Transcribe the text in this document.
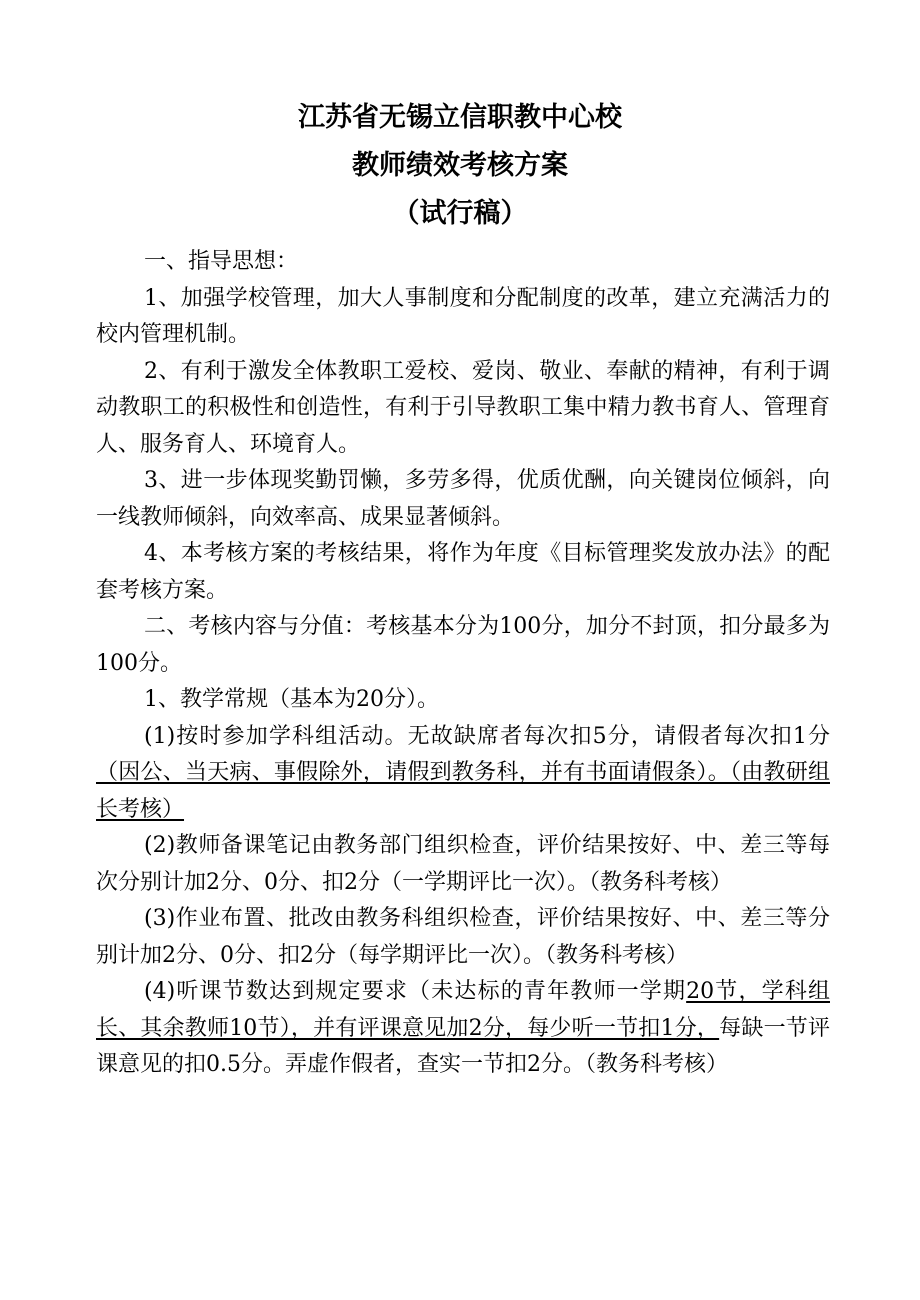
江苏省无锡立信职教中心校
教师绩效考核方案
（试行稿）

一、指导思想：

1、加强学校管理，加大人事制度和分配制度的改革，建立充满活力的校内管理机制。

2、有利于激发全体教职工爱校、爱岗、敬业、奉献的精神，有利于调动教职工的积极性和创造性，有利于引导教职工集中精力教书育人、管理育人、服务育人、环境育人。

3、进一步体现奖勤罚懒，多劳多得，优质优酬，向关键岗位倾斜，向一线教师倾斜，向效率高、成果显著倾斜。

4、本考核方案的考核结果，将作为年度《目标管理奖发放办法》的配套考核方案。

二、考核内容与分值：考核基本分为100分，加分不封顶，扣分最多为100分。

1、教学常规（基本为20分）。

(1)按时参加学科组活动。无故缺席者每次扣5分，请假者每次扣1分（因公、当天病、事假除外，请假到教务科，并有书面请假条）。（由教研组长考核）

(2)教师备课笔记由教务部门组织检查，评价结果按好、中、差三等每次分别计加2分、0分、扣2分（一学期评比一次）。（教务科考核）

(3)作业布置、批改由教务科组织检查，评价结果按好、中、差三等分别计加2分、0分、扣2分（每学期评比一次）。（教务科考核）

(4)听课节数达到规定要求（未达标的青年教师一学期20节，学科组长、其余教师10节），并有评课意见加2分，每少听一节扣1分，每缺一节评课意见的扣0.5分。弄虚作假者，查实一节扣2分。（教务科考核）
